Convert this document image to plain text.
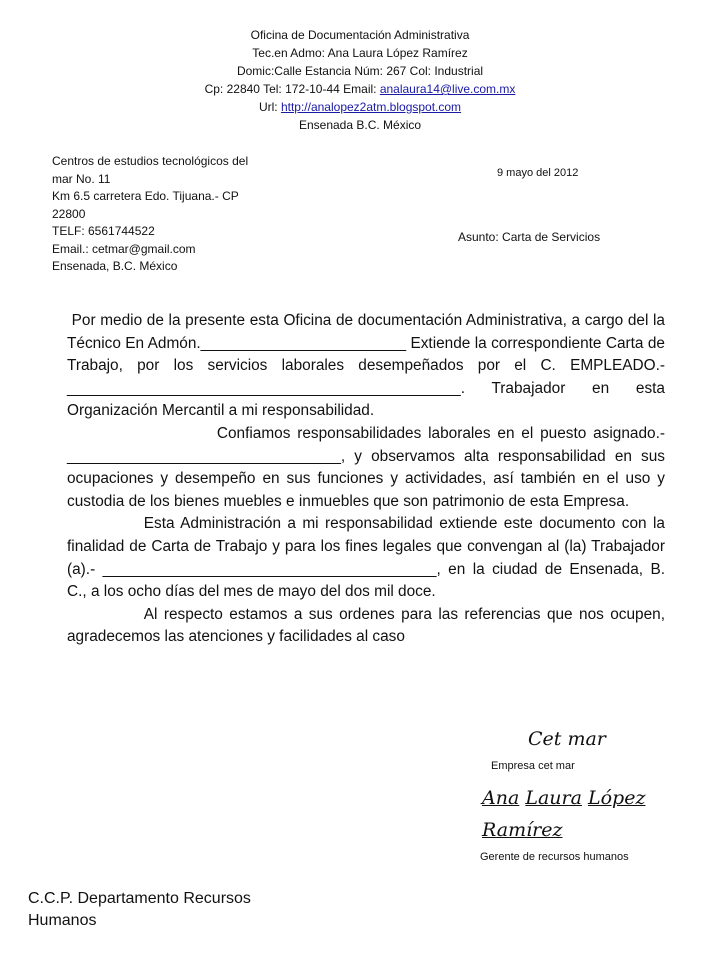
Oficina de Documentación Administrativa
Tec.en Admo: Ana Laura López Ramírez
Domic:Calle Estancia Núm: 267 Col: Industrial
Cp: 22840 Tel: 172-10-44 Email: analaura14@live.com.mx
Url: http://analopez2atm.blogspot.com
Ensenada B.C. México
Centros de estudios tecnológicos del mar No. 11
Km 6.5 carretera Edo. Tijuana.- CP 22800
TELF: 6561744522
Email.: cetmar@gmail.com
Ensenada, B.C. México
9 mayo del 2012
Asunto: Carta de Servicios

Por medio de la presente esta Oficina de documentación Administrativa, a cargo del la Técnico En Admón.________________________ Extiende la correspondiente Carta de Trabajo, por los servicios laborales desempeñados por el C. EMPLEADO.- ______________________________________________. Trabajador en esta Organización Mercantil a mi responsabilidad.

Confiamos responsabilidades laborales en el puesto asignado.- ________________________________, y observamos alta responsabilidad en sus ocupaciones y desempeño en sus funciones y actividades, así también en el uso y custodia de los bienes muebles e inmuebles que son patrimonio de esta Empresa.

Esta Administración a mi responsabilidad extiende este documento con la finalidad de Carta de Trabajo y para los fines legales que convengan al (la) Trabajador (a).- _______________________________________, en la ciudad de Ensenada, B. C., a los ocho días del mes de mayo del dos mil doce.

Al respecto estamos a sus ordenes para las referencias que nos ocupen, agradecemos las atenciones y facilidades al caso

Cet mar
Empresa cet mar
Ana Laura López
Ramírez
Gerente de recursos humanos
C.C.P. Departamento Recursos Humanos
